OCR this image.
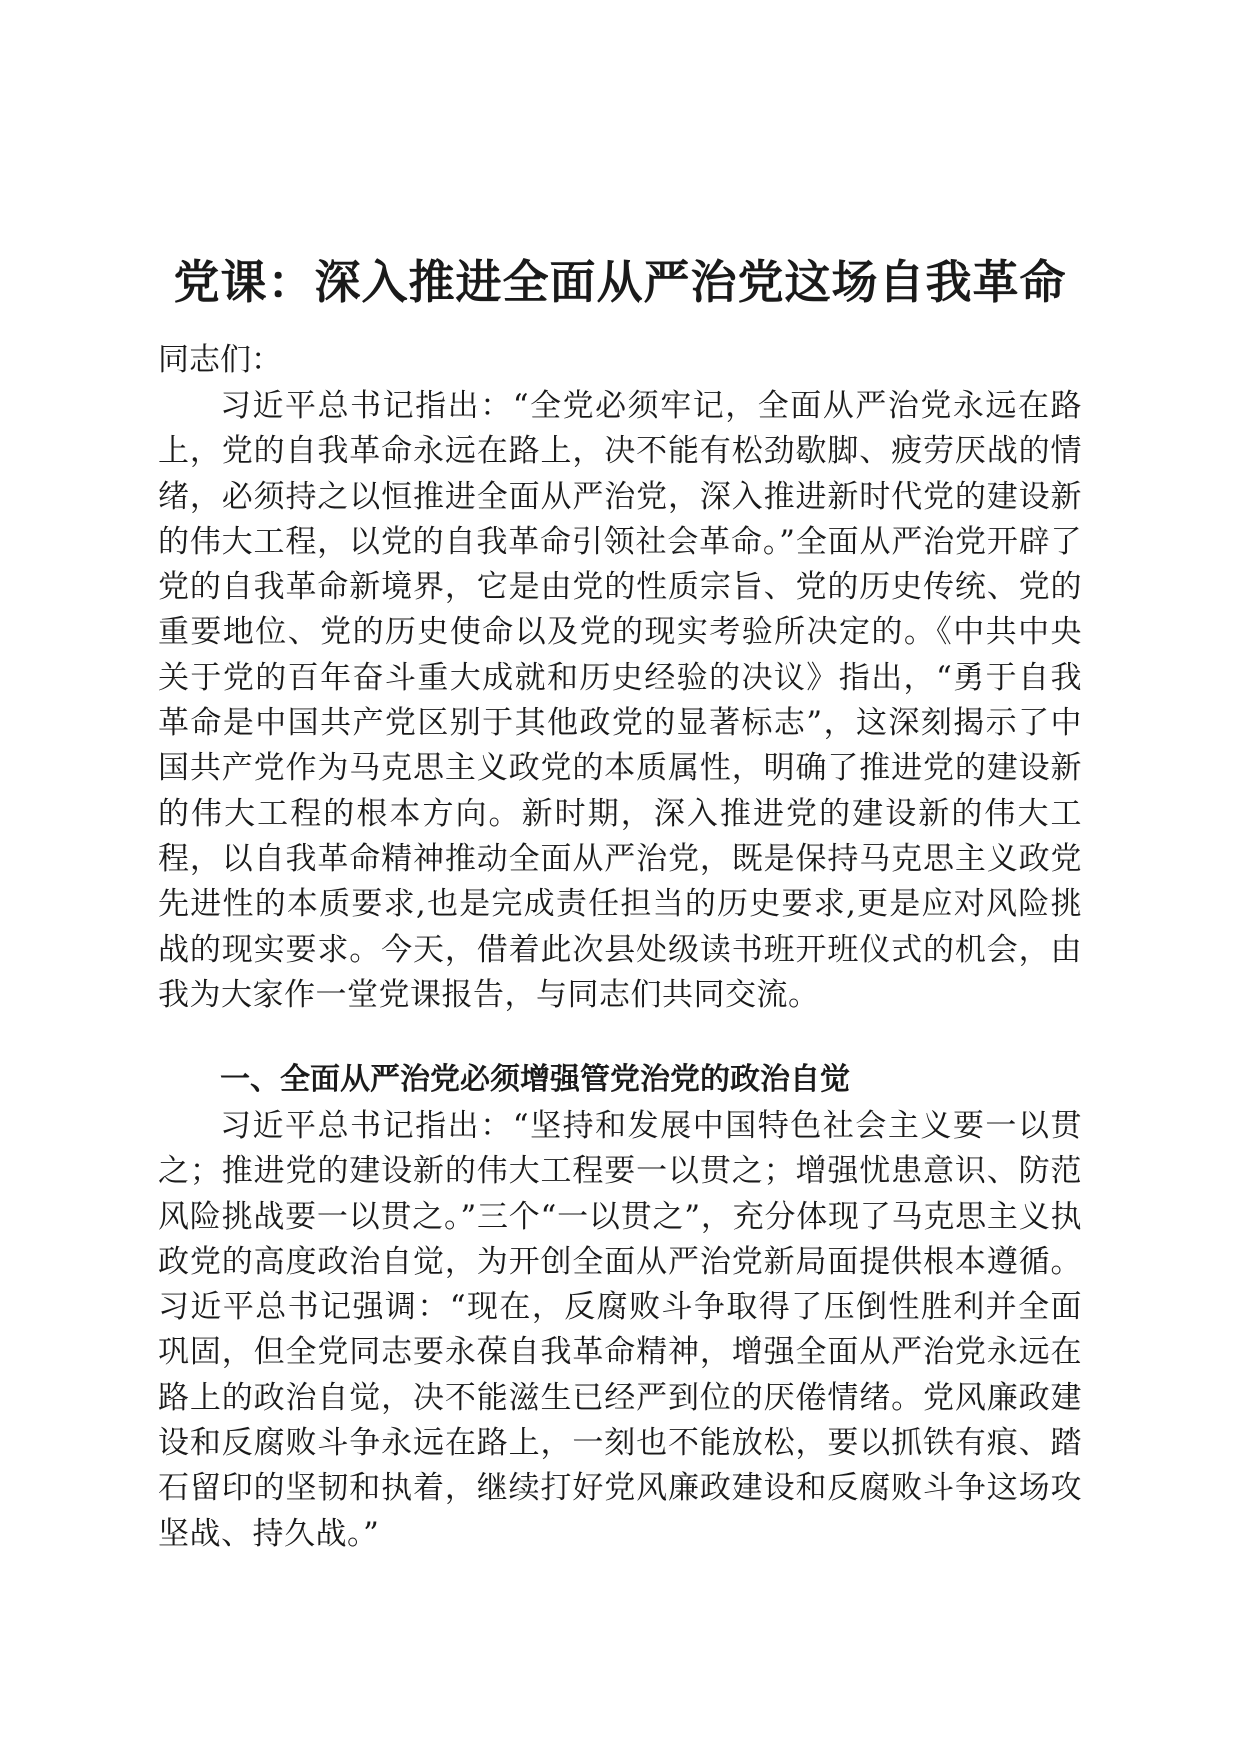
党课：深入推进全面从严治党这场自我革命

同志们：

习近平总书记指出：“全党必须牢记，全面从严治党永远在路上，党的自我革命永远在路上，决不能有松劲歇脚、疲劳厌战的情绪，必须持之以恒推进全面从严治党，深入推进新时代党的建设新的伟大工程，以党的自我革命引领社会革命。”全面从严治党开辟了党的自我革命新境界，它是由党的性质宗旨、党的历史传统、党的重要地位、党的历史使命以及党的现实考验所决定的。《中共中央关于党的百年奋斗重大成就和历史经验的决议》指出，“勇于自我革命是中国共产党区别于其他政党的显著标志”，这深刻揭示了中国共产党作为马克思主义政党的本质属性，明确了推进党的建设新的伟大工程的根本方向。新时期，深入推进党的建设新的伟大工程，以自我革命精神推动全面从严治党，既是保持马克思主义政党先进性的本质要求,也是完成责任担当的历史要求,更是应对风险挑战的现实要求。今天，借着此次县处级读书班开班仪式的机会，由我为大家作一堂党课报告，与同志们共同交流。

一、全面从严治党必须增强管党治党的政治自觉

习近平总书记指出：“坚持和发展中国特色社会主义要一以贯之；推进党的建设新的伟大工程要一以贯之；增强忧患意识、防范风险挑战要一以贯之。”三个“一以贯之”，充分体现了马克思主义执政党的高度政治自觉，为开创全面从严治党新局面提供根本遵循。习近平总书记强调：“现在，反腐败斗争取得了压倒性胜利并全面巩固，但全党同志要永葆自我革命精神，增强全面从严治党永远在路上的政治自觉，决不能滋生已经严到位的厌倦情绪。党风廉政建设和反腐败斗争永远在路上，一刻也不能放松，要以抓铁有痕、踏石留印的坚韧和执着，继续打好党风廉政建设和反腐败斗争这场攻坚战、持久战。”
